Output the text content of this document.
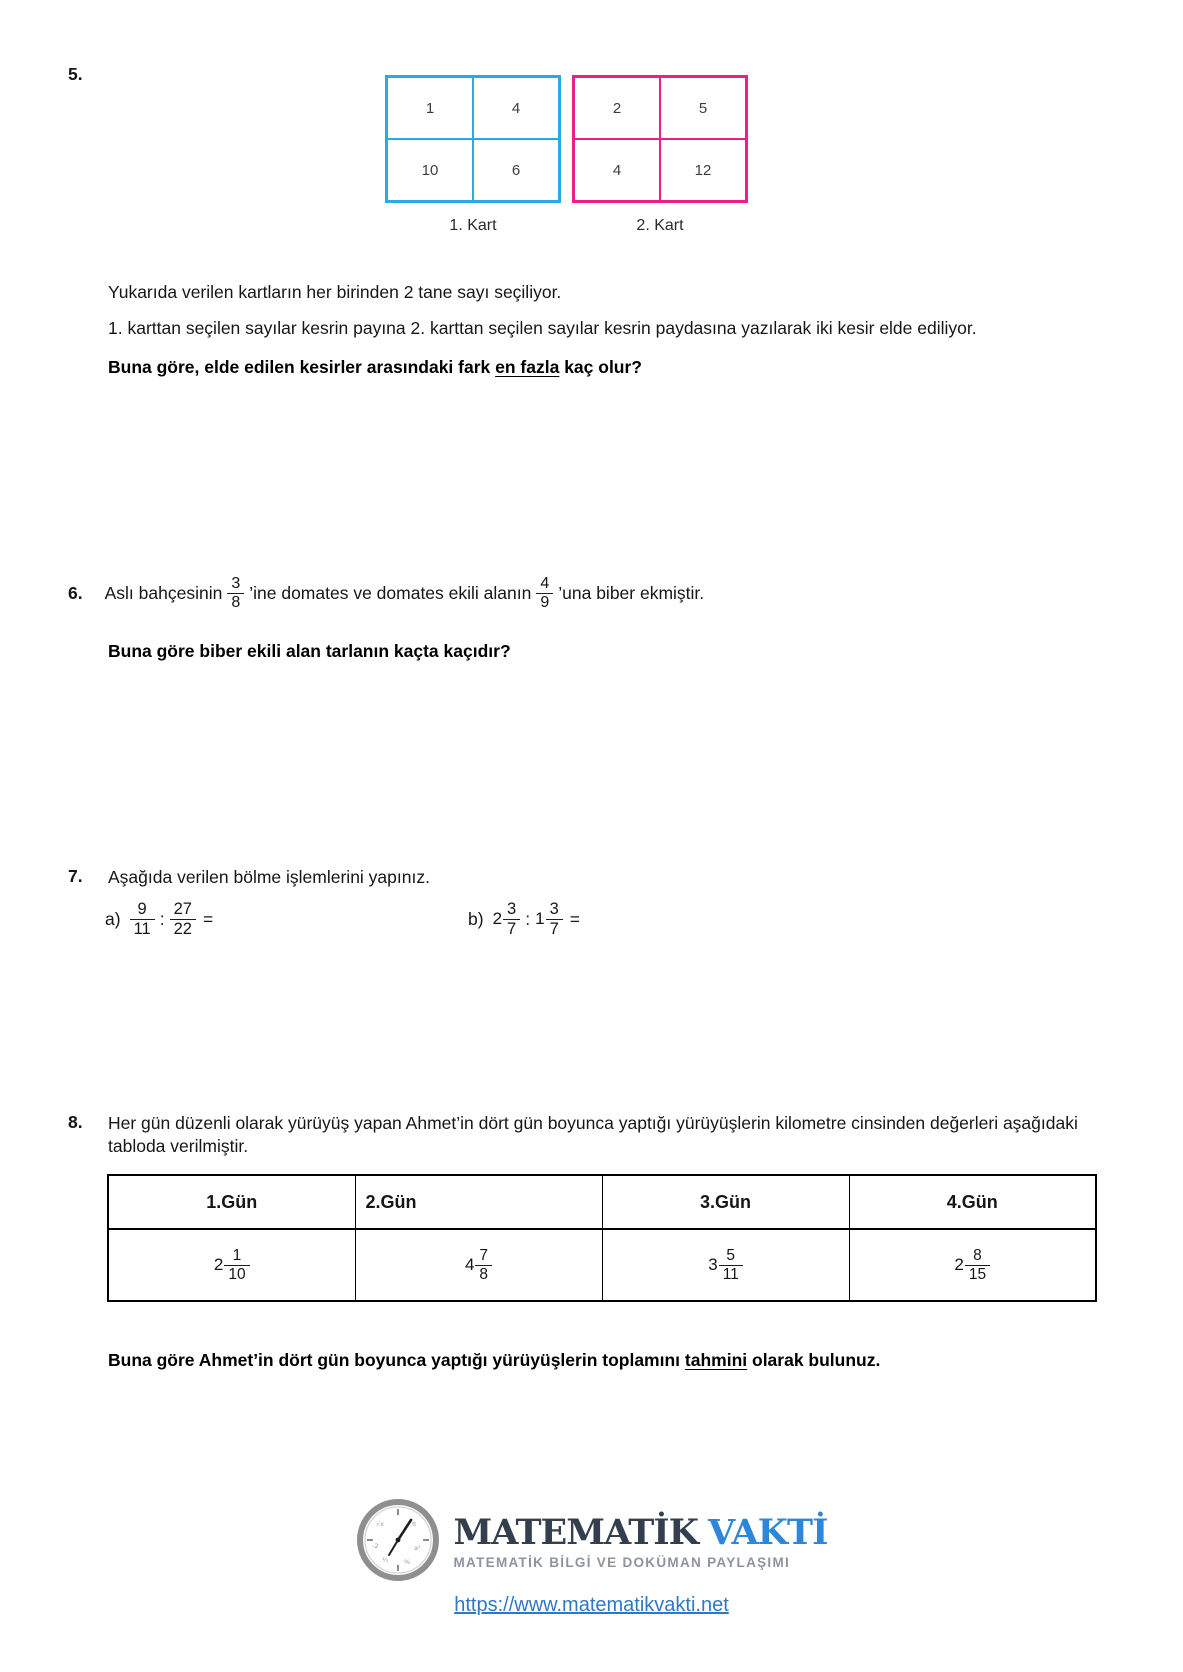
5.
1	4
10	6
1. Kart
2	5
4	12
2. Kart
Yukarıda verilen kartların her birinden 2 tane sayı seçiliyor.
1. karttan seçilen sayılar kesrin payına 2. karttan seçilen sayılar kesrin paydasına yazılarak iki kesir elde ediliyor.
Buna göre, elde edilen kesirler arasındaki fark en fazla kaç olur?
6. Aslı bahçesinin $\frac{3}{8}$ ’ine domates ve domates ekili alanın $\frac{4}{9}$ ’una biber ekmiştir.
Buna göre biber ekili alan tarlanın kaçta kaçıdır?
7. Aşağıda verilen bölme işlemlerini yapınız.
$a) \frac{9}{11}$ : $\frac{27}{22}$ =	b) $2 \frac{3}{7}$ : $1 \frac{3}{7}$ =
8. Her gün düzenli olarak yürüyüş yapan Ahmet’in dört gün boyunca yaptığı yürüyüşlerin kilometre cinsinden değerleri aşağıdaki tabloda verilmiştir.
1.Gün	2.Gün	3.Gün	4.Gün

$2 \frac{1}{10}$	$4 \frac{7}{8}$	$3 \frac{5}{11}$	$2 \frac{8}{15}$
Buna göre Ahmet’in dört gün boyunca yaptığı yürüyüşlerin toplamını tahmini olarak bulunuz.
√x	π
-2	a²
½ %
MATEMATİK VAKTİ
MATEMATİK BİLGİ VE DOKÜMAN PAYLAŞIMI
https://www.matematikvakti.net
